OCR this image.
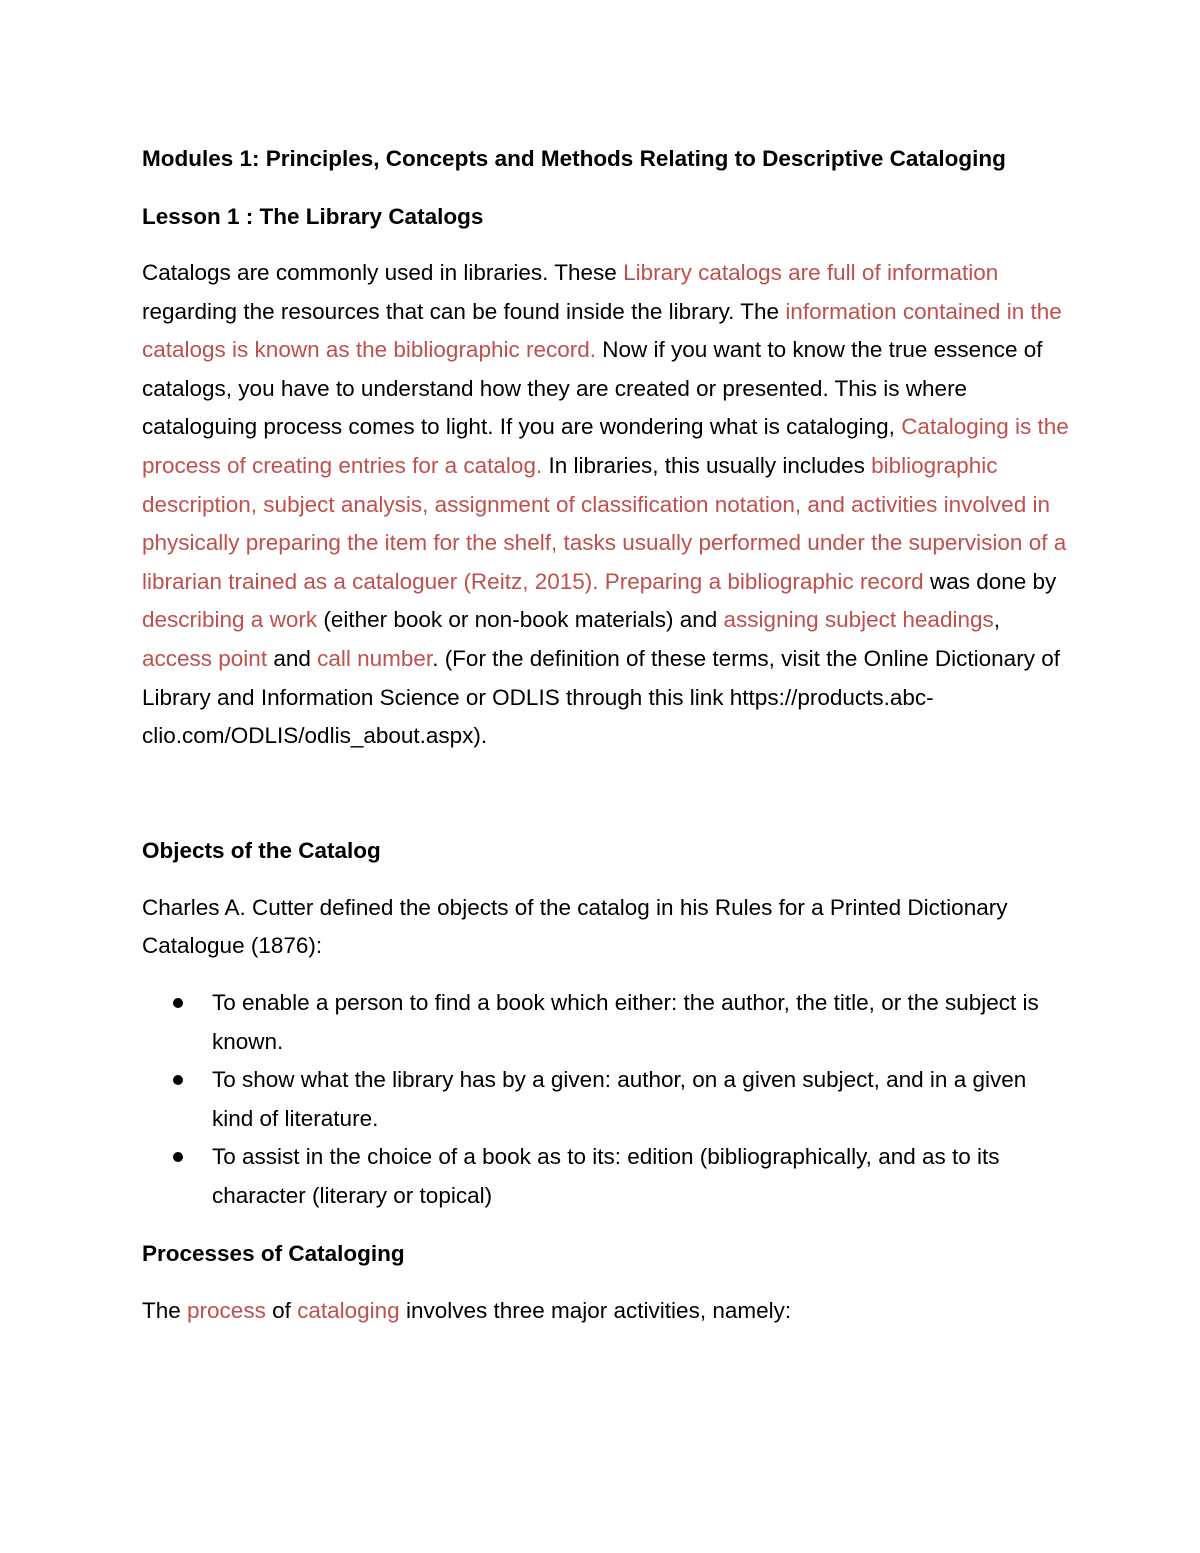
Modules 1: Principles, Concepts and Methods Relating to Descriptive Cataloging
Lesson 1 : The Library Catalogs

Catalogs are commonly used in libraries. These Library catalogs are full of information regarding the resources that can be found inside the library. The information contained in the catalogs is known as the bibliographic record. Now if you want to know the true essence of catalogs, you have to understand how they are created or presented. This is where cataloguing process comes to light. If you are wondering what is cataloging, Cataloging is the process of creating entries for a catalog. In libraries, this usually includes bibliographic description, subject analysis, assignment of classification notation, and activities involved in physically preparing the item for the shelf, tasks usually performed under the supervision of a librarian trained as a cataloguer (Reitz, 2015). Preparing a bibliographic record was done by describing a work (either book or non-book materials) and assigning subject headings, access point and call number. (For the definition of these terms, visit the Online Dictionary of Library and Information Science or ODLIS through this link https://products.abc-clio.com/ODLIS/odlis_about.aspx).

Objects of the Catalog

Charles A. Cutter defined the objects of the catalog in his Rules for a Printed Dictionary Catalogue (1876):

To enable a person to find a book which either: the author, the title, or the subject is known.
To show what the library has by a given: author, on a given subject, and in a given kind of literature.
To assist in the choice of a book as to its: edition (bibliographically, and as to its character (literary or topical)
Processes of Cataloging

The process of cataloging involves three major activities, namely:
